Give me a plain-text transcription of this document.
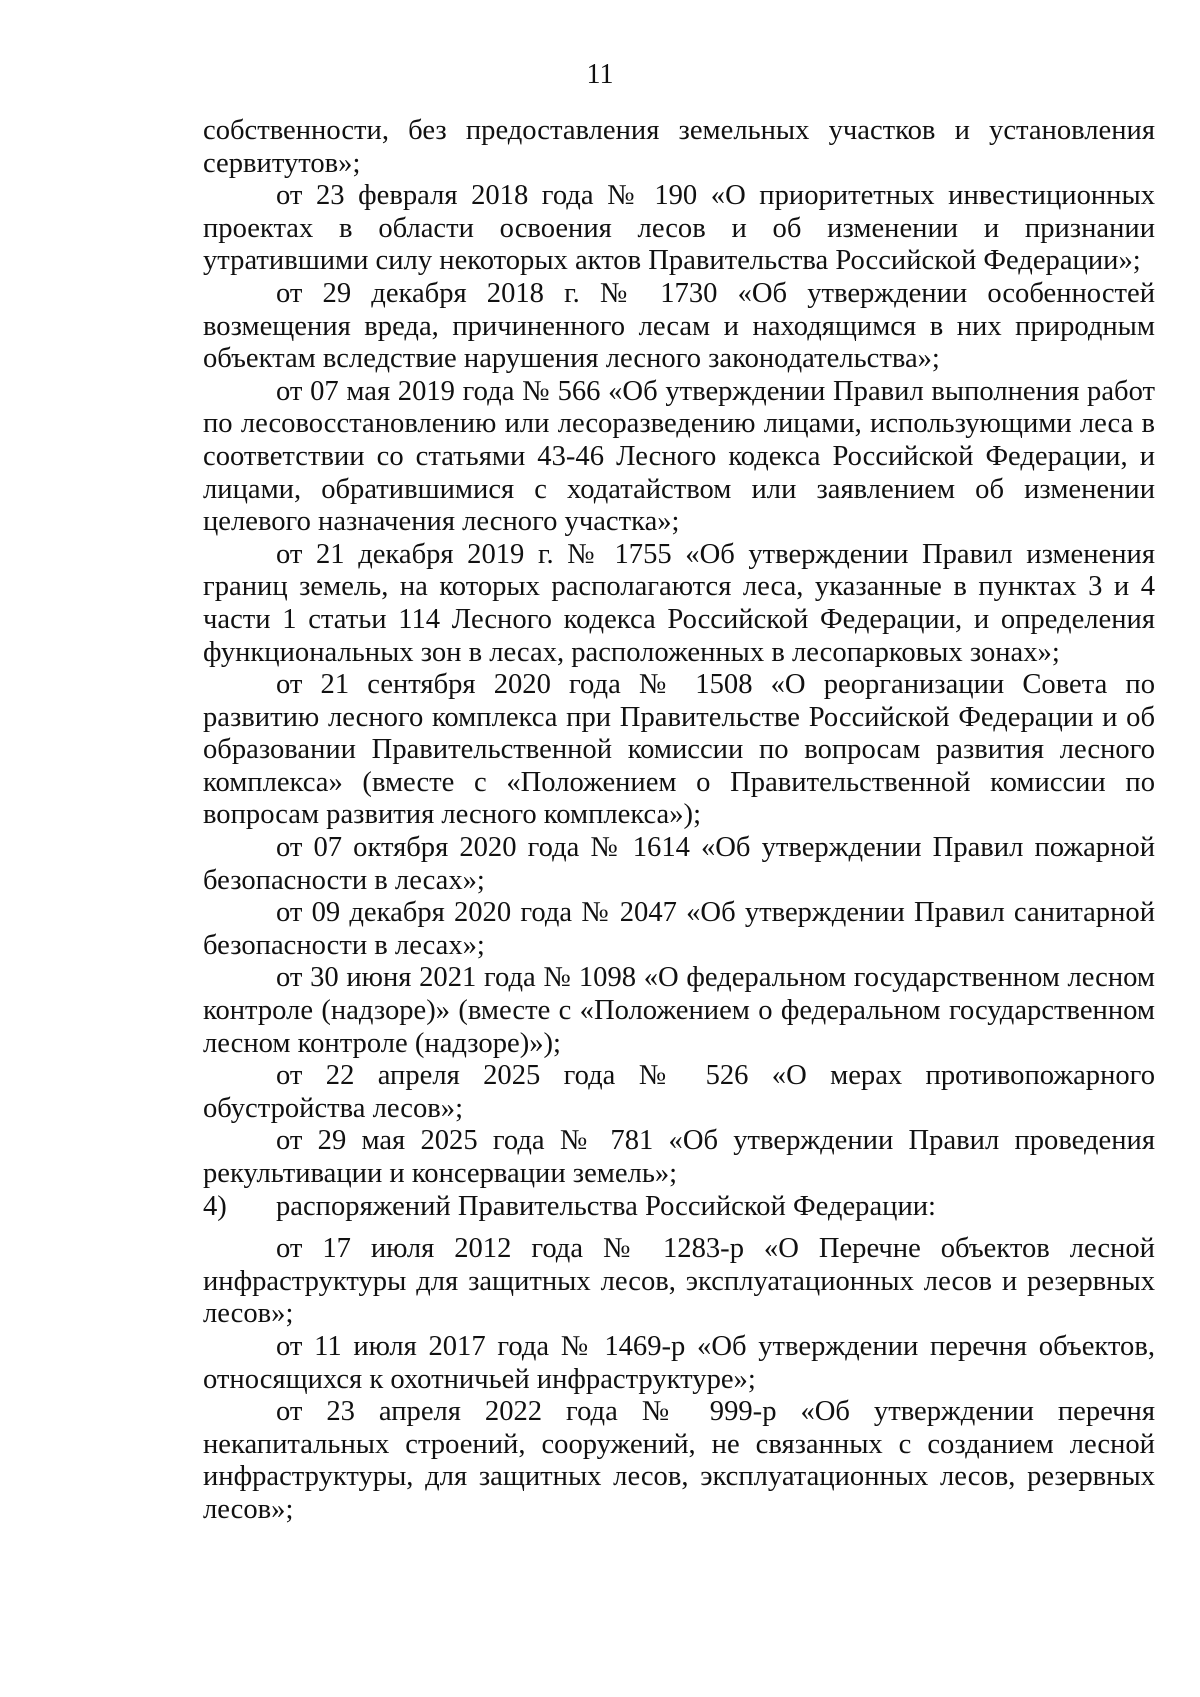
11

собственности, без предоставления земельных участков и установления сервитутов»;

от 23 февраля 2018 года № 190 «О приоритетных инвестиционных проектах в области освоения лесов и об изменении и признании утратившими силу некоторых актов Правительства Российской Федерации»;

от 29 декабря 2018 г. № 1730 «Об утверждении особенностей возмещения вреда, причиненного лесам и находящимся в них природным объектам вследствие нарушения лесного законодательства»;

от 07 мая 2019 года № 566 «Об утверждении Правил выполнения работ по лесовосстановлению или лесоразведению лицами, использующими леса в соответствии со статьями 43-46 Лесного кодекса Российской Федерации, и лицами, обратившимися с ходатайством или заявлением об изменении целевого назначения лесного участка»;

от 21 декабря 2019 г. № 1755 «Об утверждении Правил изменения границ земель, на которых располагаются леса, указанные в пунктах 3 и 4 части 1 статьи 114 Лесного кодекса Российской Федерации, и определения функциональных зон в лесах, расположенных в лесопарковых зонах»;

от 21 сентября 2020 года № 1508 «О реорганизации Совета по развитию лесного комплекса при Правительстве Российской Федерации и об образовании Правительственной комиссии по вопросам развития лесного комплекса» (вместе с «Положением о Правительственной комиссии по вопросам развития лесного комплекса»);

от 07 октября 2020 года № 1614 «Об утверждении Правил пожарной безопасности в лесах»;

от 09 декабря 2020 года № 2047 «Об утверждении Правил санитарной безопасности в лесах»;

от 30 июня 2021 года № 1098 «О федеральном государственном лесном контроле (надзоре)» (вместе с «Положением о федеральном государственном лесном контроле (надзоре)»);

от 22 апреля 2025 года № 526 «О мерах противопожарного обустройства лесов»;

от 29 мая 2025 года № 781 «Об утверждении Правил проведения рекультивации и консервации земель»;

4)	распоряжений Правительства Российской Федерации:

от 17 июля 2012 года № 1283-р «О Перечне объектов лесной инфраструктуры для защитных лесов, эксплуатационных лесов и резервных лесов»;

от 11 июля 2017 года № 1469-р «Об утверждении перечня объектов, относящихся к охотничьей инфраструктуре»;

от 23 апреля 2022 года № 999-р «Об утверждении перечня некапитальных строений, сооружений, не связанных с созданием лесной инфраструктуры, для защитных лесов, эксплуатационных лесов, резервных лесов»;
